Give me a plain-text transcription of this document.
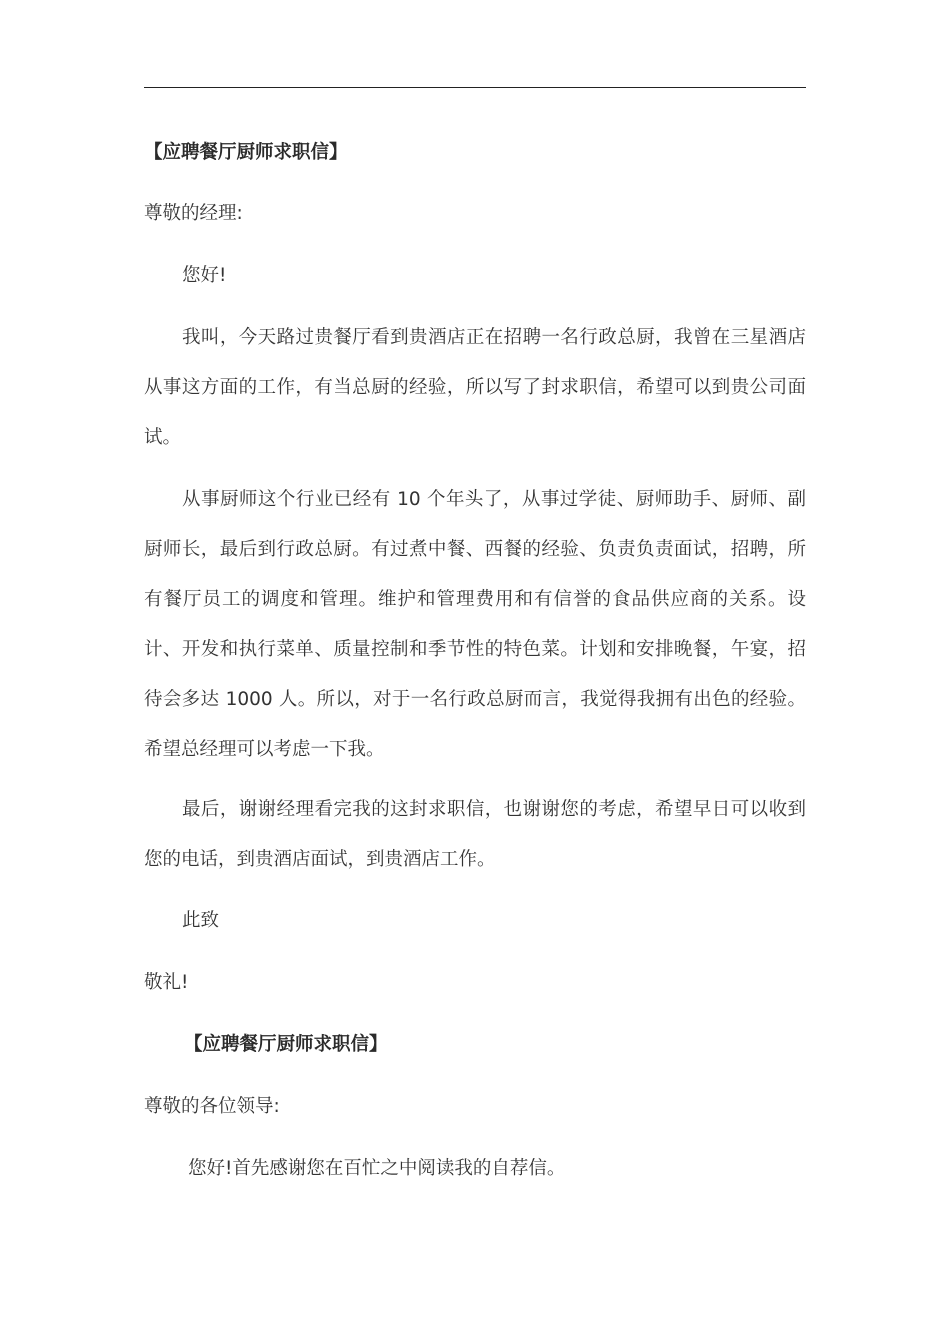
【应聘餐厅厨师求职信】

尊敬的经理:

您好!

我叫，今天路过贵餐厅看到贵酒店正在招聘一名行政总厨，我曾在三星酒店从事这方面的工作，有当总厨的经验，所以写了封求职信，希望可以到贵公司面试。

从事厨师这个行业已经有 10 个年头了，从事过学徒、厨师助手、厨师、副厨师长，最后到行政总厨。有过煮中餐、西餐的经验、负责负责面试，招聘，所有餐厅员工的调度和管理。维护和管理费用和有信誉的食品供应商的关系。设计、开发和执行菜单、质量控制和季节性的特色菜。计划和安排晚餐，午宴，招待会多达 1000 人。所以，对于一名行政总厨而言，我觉得我拥有出色的经验。希望总经理可以考虑一下我。

最后，谢谢经理看完我的这封求职信，也谢谢您的考虑，希望早日可以收到您的电话，到贵酒店面试，到贵酒店工作。

此致

敬礼!

【应聘餐厅厨师求职信】

尊敬的各位领导:

您好!首先感谢您在百忙之中阅读我的自荐信。
